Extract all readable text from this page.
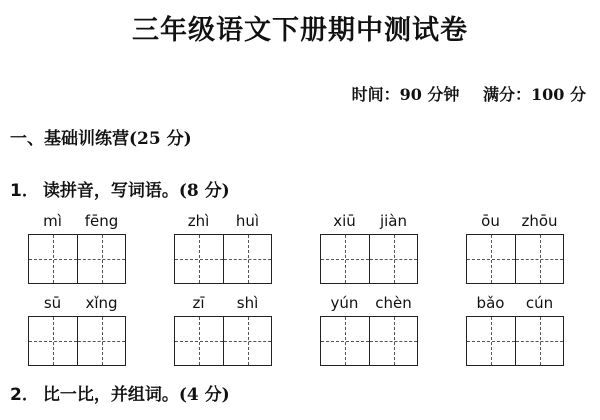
三年级语文下册期中测试卷
时间：90 分钟 满分：100 分
一、基础训练营(25 分)
1． 读拼音，写词语。(8 分)
mì	fēng	zhì	huì	xiū	jiàn	ōu	zhōu
sū	xǐng	zī	shì	yún	chèn	bǎo	cún
2． 比一比，并组词。(4 分)
